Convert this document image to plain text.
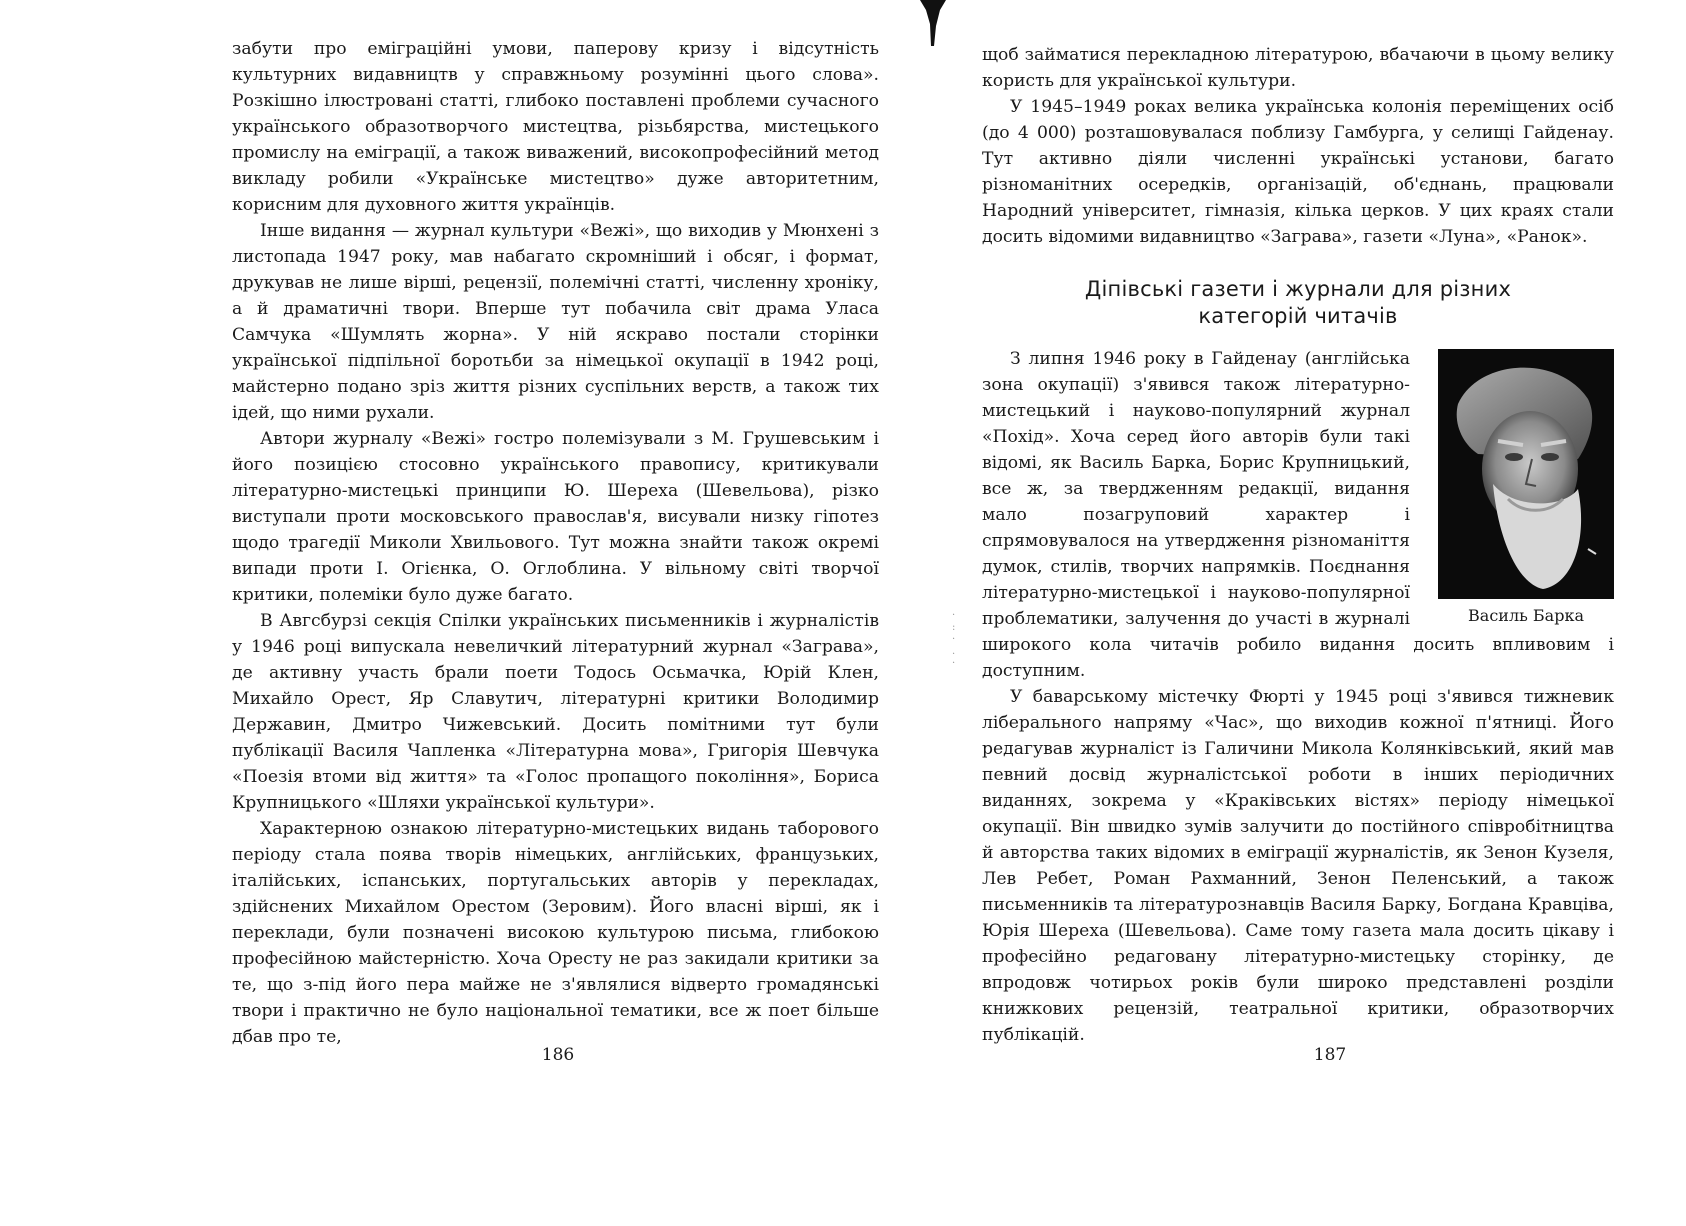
забути про еміграційні умови, паперову кризу і відсутність культурних видавництв у справжньому розумінні цього слова». Розкішно ілюстровані статті, глибоко поставлені проблеми сучасного українського образотворчого мистецтва, різьбярства, мистецького промислу на еміграції, а також виважений, високопрофесійний метод викладу робили «Українське мистецтво» дуже авторитетним, корисним для духовного життя українців.

Інше видання — журнал культури «Вежі», що виходив у Мюнхені з листопада 1947 року, мав набагато скромніший і обсяг, і формат, друкував не лише вірші, рецензії, полемічні статті, численну хроніку, а й драматичні твори. Вперше тут побачила світ драма Уласа Самчука «Шумлять жорна». У ній яскраво постали сторінки української підпільної боротьби за німецької окупації в 1942 році, майстерно подано зріз життя різних суспільних верств, а також тих ідей, що ними рухали.

Автори журналу «Вежі» гостро полемізували з М. Грушевським і його позицією стосовно українського правопису, критикували літературно-мистецькі принципи Ю. Шереха (Шевельова), різко виступали проти московського православ'я, висували низку гіпотез щодо трагедії Миколи Хвильового. Тут можна знайти також окремі випади проти І. Огієнка, О. Оглоблина. У вільному світі творчої критики, полеміки було дуже багато.

В Авгсбурзі секція Спілки українських письменників і журналістів у 1946 році випускала невеличкий літературний журнал «Заграва», де активну участь брали поети Тодось Осьмачка, Юрій Клен, Михайло Орест, Яр Славутич, літературні критики Володимир Державин, Дмитро Чижевський. Досить помітними тут були публікації Василя Чапленка «Літературна мова», Григорія Шевчука «Поезія втоми від життя» та «Голос пропащого покоління», Бориса Крупницького «Шляхи української культури».

Характерною ознакою літературно-мистецьких видань таборового періоду стала поява творів німецьких, англійських, французьких, італійських, іспанських, португальських авторів у перекладах, здійснених Михайлом Орестом (Зеровим). Його власні вірші, як і переклади, були позначені високою культурою письма, глибокою професійною майстерністю. Хоча Оресту не раз закидали критики за те, що з-під його пера майже не з'являлися відверто громадянські твори і практично не було національної тематики, все ж поет більше дбав про те,

186
·
:
·
.
·

щоб займатися перекладною літературою, вбачаючи в цьому велику користь для української культури.

У 1945–1949 роках велика українська колонія переміщених осіб (до 4 000) розташовувалася поблизу Гамбурга, у селищі Гайденау. Тут активно діяли численні українські установи, багато різноманітних осередків, організацій, об'єднань, працювали Народний університет, гімназія, кілька церков. У цих краях стали досить відомими видавництво «Заграва», газети «Луна», «Ранок».

Діпівські газети і журнали для різних
категорій читачів
Василь Барка

З липня 1946 року в Гайденау (англійська зона окупації) з'явився також літературно-мистецький і науково-популярний журнал «Похід». Хоча серед його авторів були такі відомі, як Василь Барка, Борис Крупницький, все ж, за твердженням редакції, видання мало позагруповий характер і спрямовувалося на утвердження різноманіття думок, стилів, творчих напрямків. Поєднання літературно-мистецької і науково-популярної проблематики, залучення до участі в журналі широкого кола читачів робило видання досить впливовим і доступним.

У баварському містечку Фюрті у 1945 році з'явився тижневик ліберального напряму «Час», що виходив кожної п'ятниці. Його редагував журналіст із Галичини Микола Колянківський, який мав певний досвід журналістської роботи в інших періодичних виданнях, зокрема у «Краківських вістях» періоду німецької окупації. Він швидко зумів залучити до постійного співробітництва й авторства таких відомих в еміграції журналістів, як Зенон Кузеля, Лев Ребет, Роман Рахманний, Зенон Пеленський, а також письменників та літературознавців Василя Барку, Богдана Кравціва, Юрія Шереха (Шевельова). Саме тому газета мала досить цікаву і професійно редаговану літературно-мистецьку сторінку, де впродовж чотирьох років були широко представлені розділи книжкових рецензій, театральної критики, образотворчих публікацій.

187
